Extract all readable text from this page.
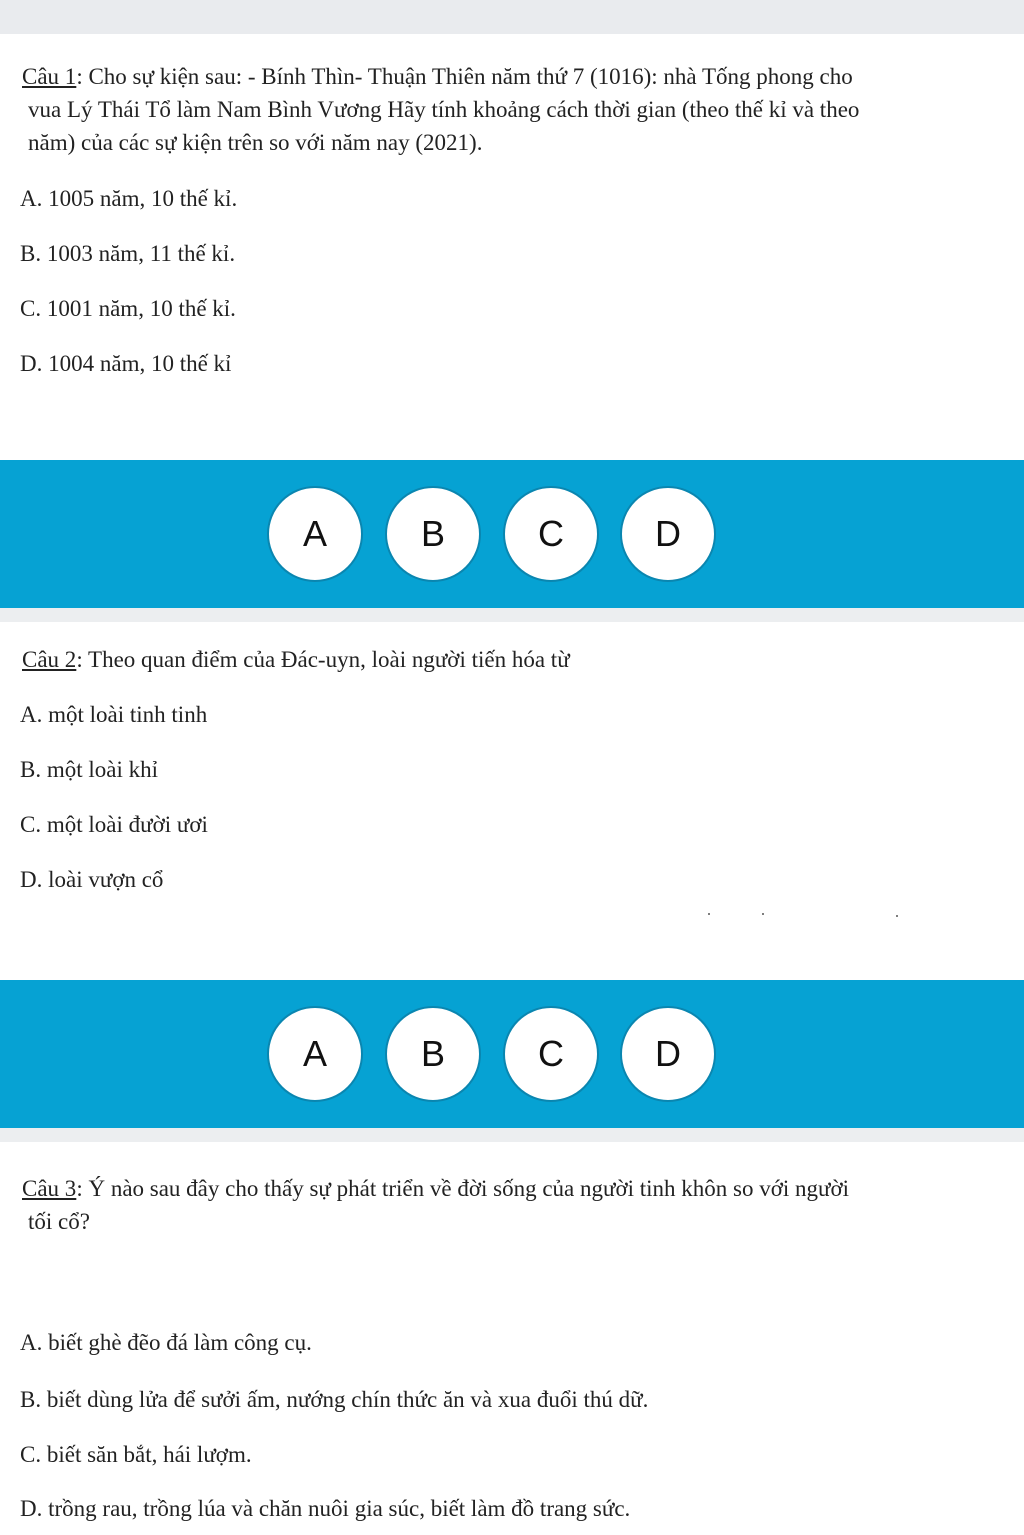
Câu 1: Cho sự kiện sau: - Bính Thìn- Thuận Thiên năm thứ 7 (1016): nhà Tống phong cho
vua Lý Thái Tổ làm Nam Bình Vương Hãy tính khoảng cách thời gian (theo thế kỉ và theo
năm) của các sự kiện trên so với năm nay (2021).

A. 1005 năm, 10 thế kỉ.
B. 1003 năm, 11 thế kỉ.
C. 1001 năm, 10 thế kỉ.
D. 1004 năm, 10 thế kỉ
A	B	C	D

Câu 2: Theo quan điểm của Đác-uyn, loài người tiến hóa từ

A. một loài tinh tinh
B. một loài khỉ
C. một loài đười ươi
D. loài vượn cổ
A	B	C	D

Câu 3: Ý nào sau đây cho thấy sự phát triển về đời sống của người tinh khôn so với người
tối cổ?

A. biết ghè đẽo đá làm công cụ.
B. biết dùng lửa để sưởi ấm, nướng chín thức ăn và xua đuổi thú dữ.
C. biết săn bắt, hái lượm.
D. trồng rau, trồng lúa và chăn nuôi gia súc, biết làm đồ trang sức.
